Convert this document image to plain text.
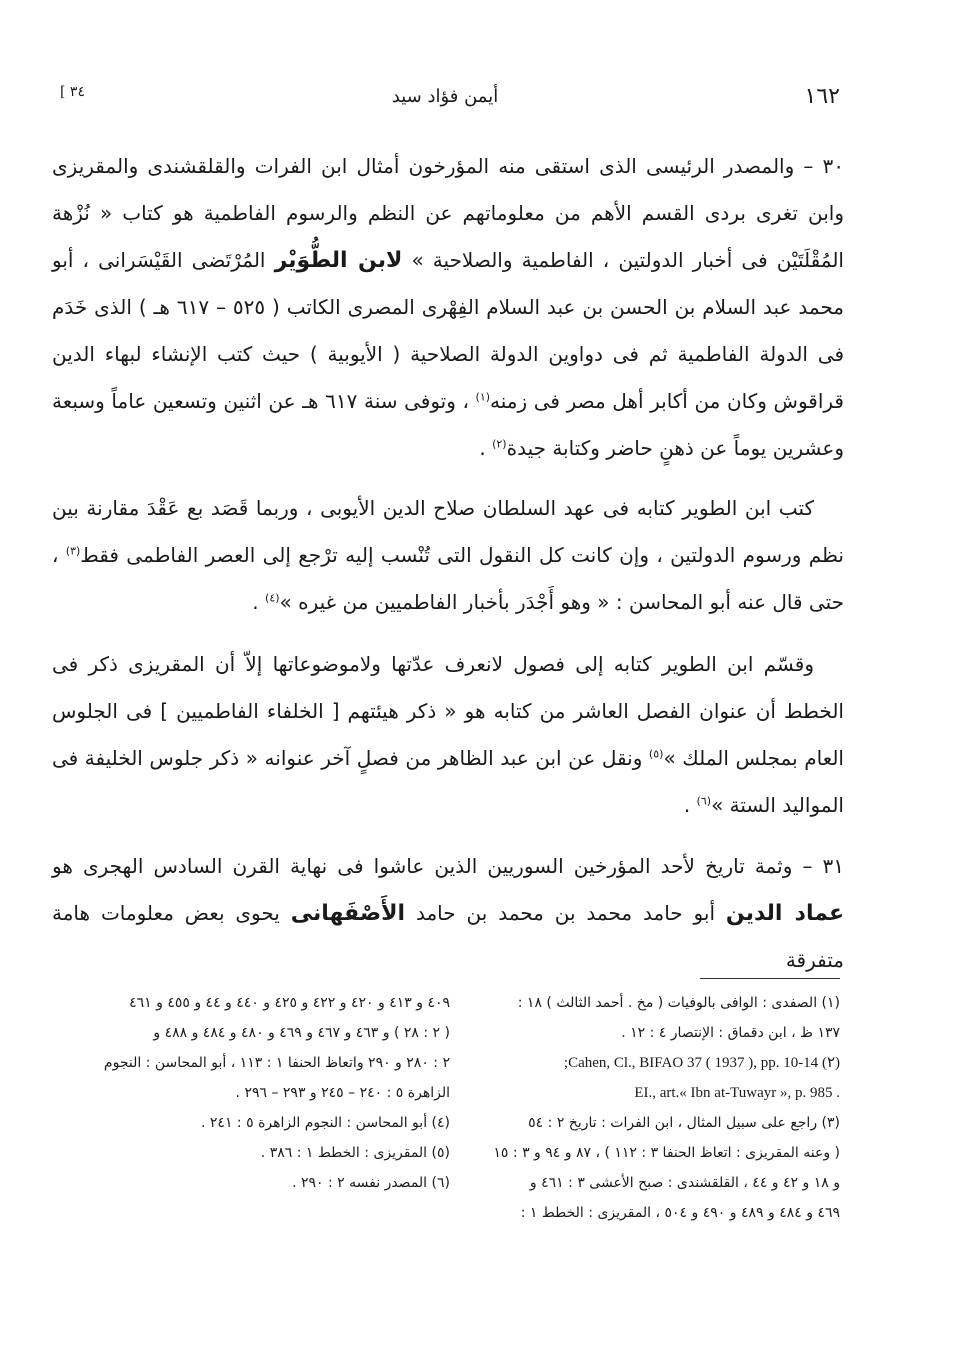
٣٤ ]	أيمن فؤاد سيد	١٦٢

٣٠ – والمصدر الرئيسى الذى استقى منه المؤرخون أمثال ابن الفرات والقلقشندى والمقريزى وابن تغرى بردى القسم الأهم من معلوماتهم عن النظم والرسوم الفاطمية هو كتاب « نُزْهة المُقْلَتَيْن فى أخبار الدولتين ، الفاطمية والصلاحية » لابن الطُّوَيْر المُرْتَضى القَيْسَرانى ، أبو محمد عبد السلام بن الحسن بن عبد السلام الفِهْرى المصرى الكاتب ( ٥٢٥ – ٦١٧ هـ ) الذى خَدَم فى الدولة الفاطمية ثم فى دواوين الدولة الصلاحية ( الأيوبية ) حيث كتب الإنشاء لبهاء الدين قراقوش وكان من أكابر أهل مصر فى زمنه$^{(١)}$ ، وتوفى سنة ٦١٧ هـ عن اثنين وتسعين عاماً وسبعة وعشرين يوماً عن ذهنٍ حاضر وكتابة جيدة$^{(٢)}$ .

كتب ابن الطوير كتابه فى عهد السلطان صلاح الدين الأيوبى ، وربما قَصَد بع عَقْدَ مقارنة بين نظم ورسوم الدولتين ، وإن كانت كل النقول التى تُنْسب إليه ترْجع إلى العصر الفاطمى فقط$^{(٣)}$ ، حتى قال عنه أبو المحاسن : « وهو أَجْدَر بأخبار الفاطميين من غيره »$^{(٤)}$ .

وقسّم ابن الطوير كتابه إلى فصول لانعرف عدّتها ولاموضوعاتها إلاّ أن المقريزى ذكر فى الخطط أن عنوان الفصل العاشر من كتابه هو « ذكر هيئتهم [ الخلفاء الفاطميين ] فى الجلوس العام بمجلس الملك »$^{(٥)}$ ونقل عن ابن عبد الظاهر من فصلٍ آخر عنوانه « ذكر جلوس الخليفة فى المواليد الستة »$^{(٦)}$ .

٣١ – وثمة تاريخ لأحد المؤرخين السوريين الذين عاشوا فى نهاية القرن السادس الهجرى هو عماد الدين أبو حامد محمد بن محمد بن حامد الأَصْفَهانى يحوى بعض معلومات هامة متفرقة

(١) الصفدى : الوافى بالوفيات ( مخ . أحمد الثالث ) ١٨ :
١٣٧ ظ ، ابن دقماق : الإنتصار ٤ : ١٢ .
(٢) Cahen, Cl., BIFAO 37 ( 1937 ), pp. 10-14;
. EI., art.« Ibn at-Tuwayr », p. 985
(٣) راجع على سبيل المثال ، ابن الفرات : تاريخ ٢ : ٥٤
( وعنه المقريزى : اتعاظ الحنفا ٣ : ١١٢ ) ، ٨٧ و ٩٤ و ٣ : ١٥
و ١٨ و ٤٢ و ٤٤ ، القلقشندى : صبح الأعشى ٣ : ٤٦١ و
٤٦٩ و ٤٨٤ و ٤٨٩ و ٤٩٠ و ٥٠٤ ، المقريزى : الخطط ١ :
٤٠٩ و ٤١٣ و ٤٢٠ و ٤٢٢ و ٤٢٥ و ٤٤٠ و ٤٤ و ٤٥٥ و ٤٦١
( ٢ : ٢٨ ) و ٤٦٣ و ٤٦٧ و ٤٦٩ و ٤٨٠ و ٤٨٤ و ٤٨٨ و
٢ : ٢٨٠ و ٢٩٠ واتعاظ الحنفا ١ : ١١٣ ، أبو المحاسن : النجوم
الزاهرة ٥ : ٢٤٠ – ٢٤٥ و ٢٩٣ – ٢٩٦ .
(٤) أبو المحاسن : النجوم الزاهرة ٥ : ٢٤١ .
(٥) المقريزى : الخطط ١ : ٣٨٦ .
(٦) المصدر نفسه ٢ : ٢٩٠ .
